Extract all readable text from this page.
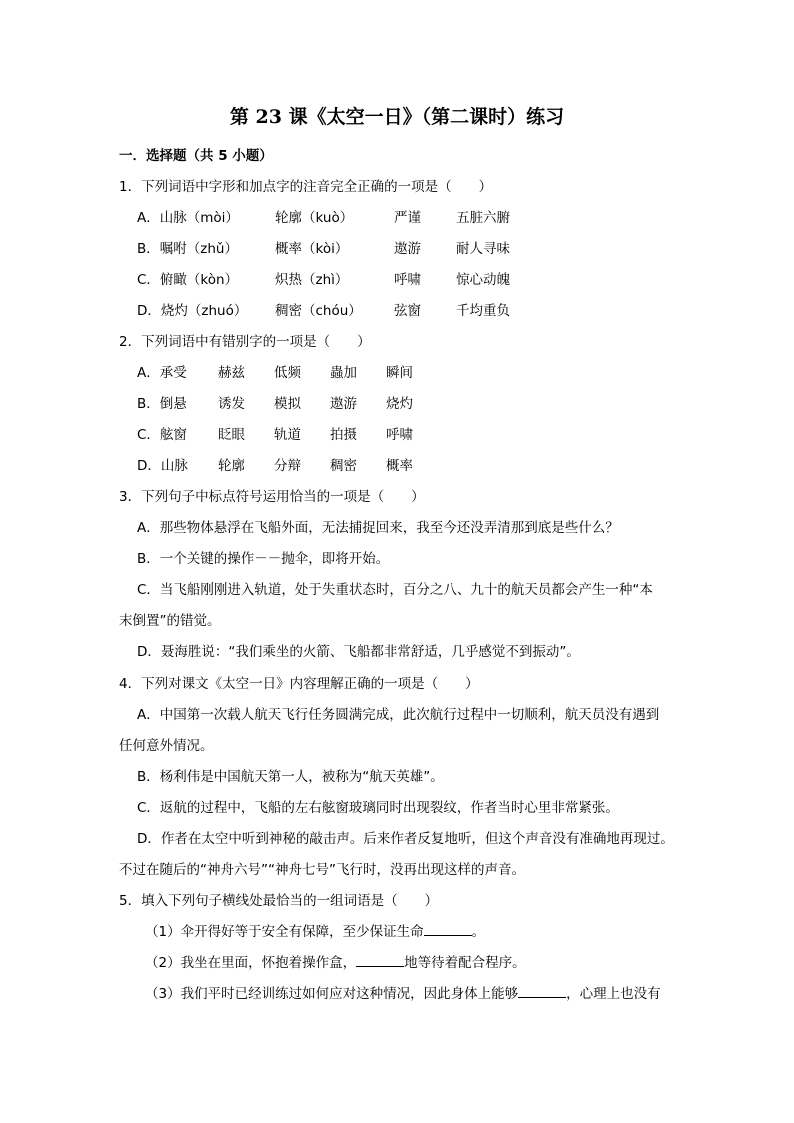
第 23 课《太空一日》（第二课时）练习
一．选择题（共 5 小题）
1．下列词语中字形和加点字的注音完全正确的一项是（　　）
A．山脉（mòi）	轮廓（kuò）	严谨	五脏六腑
B．嘱咐（zhǔ）	概率（kòi）	遨游	耐人寻味
C．俯瞰（kòn）	炽热（zhì）	呼啸	惊心动魄
D．烧灼（zhuó） 稠密（chóu） 弦窗	千均重负
2．下列词语中有错别字的一项是（　　）
A．承受 赫兹 低频 蟲加 瞬间
B．倒悬 诱发 模拟 遨游 烧灼
C．舷窗 眨眼 轨道 拍摄 呼啸
D．山脉 轮廓 分辩 稠密 概率
3．下列句子中标点符号运用恰当的一项是（　　）
A．那些物体悬浮在飞船外面，无法捕捉回来，我至今还没弄清那到底是些什么？
B．一个关键的操作－－抛伞，即将开始。
C．当飞船刚刚进入轨道，处于失重状态时，百分之八、九十的航天员都会产生一种“本
末倒置”的错觉。
D．聂海胜说：“我们乘坐的火箭、飞船都非常舒适，几乎感觉不到振动”。
4．下列对课文《太空一日》内容理解正确的一项是（　　）
A．中国第一次载人航天飞行任务圆满完成，此次航行过程中一切顺利，航天员没有遇到
任何意外情况。
B．杨利伟是中国航天第一人，被称为“航天英雄”。
C．返航的过程中，飞船的左右舷窗玻璃同时出现裂纹，作者当时心里非常紧张。
D．作者在太空中听到神秘的敲击声。后来作者反复地听，但这个声音没有准确地再现过。
不过在随后的“神舟六号”“神舟七号”飞行时，没再出现这样的声音。
5．填入下列句子横线处最恰当的一组词语是（　　）
（1）伞开得好等于安全有保障，至少保证生命	。
（2）我坐在里面，怀抱着操作盒，	地等待着配合程序。
（3）我们平时已经训练过如何应对这种情况，因此身体上能够	，心理上也没有
